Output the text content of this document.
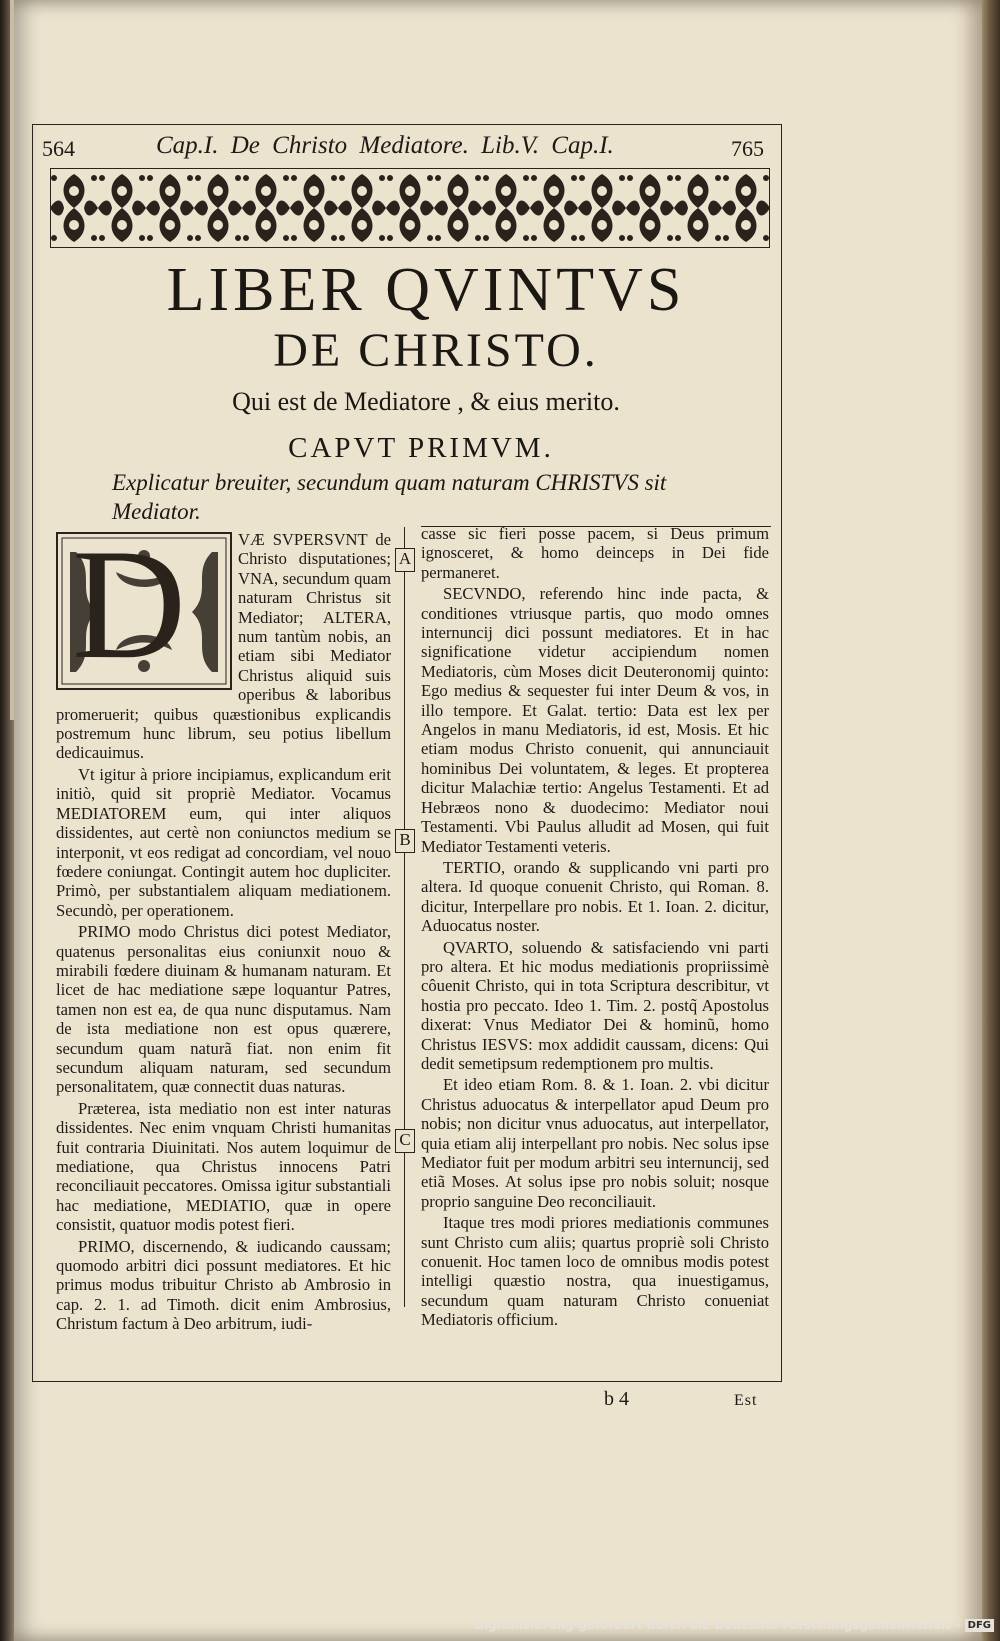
564	Cap.I. De Christo Mediatore. Lib.V. Cap.I.	765
LIBER QVINTVS
DE CHRISTO.
Qui est de Mediatore , & eius merito.
CAPVT PRIMVM.
Explicatur breuiter, secundum quam naturam CHRISTVS sit Mediator.
A
B
C
D	VÆ SVPERSVNT de Christo disputationes; VNA, secundum quam naturam Christus sit Mediator; ALTERA, num tantùm nobis, an etiam sibi Mediator Christus aliquid suis operibus & laboribus promeruerit; quibus quæstionibus explicandis postremum hunc librum, seu potius libellum dedicauimus.

Vt igitur à priore incipiamus, explicandum erit initiò, quid sit propriè Mediator. Vocamus MEDIATOREM eum, qui inter aliquos dissidentes, aut certè non coniunctos medium se interponit, vt eos redigat ad concordiam, vel nouo fœdere coniungat. Contingit autem hoc dupliciter. Primò, per substantialem aliquam mediationem. Secundò, per operationem.

PRIMO modo Christus dici potest Mediator, quatenus personalitas eius coniunxit nouo & mirabili fœdere diuinam & humanam naturam. Et licet de hac mediatione sæpe loquantur Patres, tamen non est ea, de qua nunc disputamus. Nam de ista mediatione non est opus quærere, secundum quam naturã fiat. non enim fit secundum aliquam naturam, sed secundum personalitatem, quæ connectit duas naturas.

Præterea, ista mediatio non est inter naturas dissidentes. Nec enim vnquam Christi humanitas fuit contraria Diuinitati. Nos autem loquimur de mediatione, qua Christus innocens Patri reconciliauit peccatores. Omissa igitur substantiali hac mediatione, MEDIATIO, quæ in opere consistit, quatuor modis potest fieri.

PRIMO, discernendo, & iudicando caussam; quomodo arbitri dici possunt mediatores. Et hic primus modus tribuitur Christo ab Ambrosio in cap. 2. 1. ad Timoth. dicit enim Ambrosius, Christum factum à Deo arbitrum, iudi-

casse sic fieri posse pacem, si Deus primum ignosceret, & homo deinceps in Dei fide permaneret.

SECVNDO, referendo hinc inde pacta, & conditiones vtriusque partis, quo modo omnes internuncij dici possunt mediatores. Et in hac significatione videtur accipiendum nomen Mediatoris, cùm Moses dicit Deuteronomij quinto: Ego medius & sequester fui inter Deum & vos, in illo tempore. Et Galat. tertio: Data est lex per Angelos in manu Mediatoris, id est, Mosis. Et hic etiam modus Christo conuenit, qui annunciauit hominibus Dei voluntatem, & leges. Et propterea dicitur Malachiæ tertio: Angelus Testamenti. Et ad Hebræos nono & duodecimo: Mediator noui Testamenti. Vbi Paulus alludit ad Mosen, qui fuit Mediator Testamenti veteris.

TERTIO, orando & supplicando vni parti pro altera. Id quoque conuenit Christo, qui Roman. 8. dicitur, Interpellare pro nobis. Et 1. Ioan. 2. dicitur, Aduocatus noster.

QVARTO, soluendo & satisfaciendo vni parti pro altera. Et hic modus mediationis propriissimè côuenit Christo, qui in tota Scriptura describitur, vt hostia pro peccato. Ideo 1. Tim. 2. postq̃ Apostolus dixerat: Vnus Mediator Dei & hominũ, homo Christus IESVS: mox addidit caussam, dicens: Qui dedit semetipsum redemptionem pro multis.

Et ideo etiam Rom. 8. & 1. Ioan. 2. vbi dicitur Christus aduocatus & interpellator apud Deum pro nobis; non dicitur vnus aduocatus, aut interpellator, quia etiam alij interpellant pro nobis. Nec solus ipse Mediator fuit per modum arbitri seu internuncij, sed etiã Moses. At solus ipse pro nobis soluit; nosque proprio sanguine Deo reconciliauit.

Itaque tres modi priores mediationis communes sunt Christo cum aliis; quartus propriè soli Christo conuenit. Hoc tamen loco de omnibus modis potest intelligi quæstio nostra, qua inuestigamus, secundum quam naturam Christo conueniat Mediatoris officium.

b 4	Est
Digitalisierung gefördert durch die Deutsche Forschungsgemeinschaft - DFG
